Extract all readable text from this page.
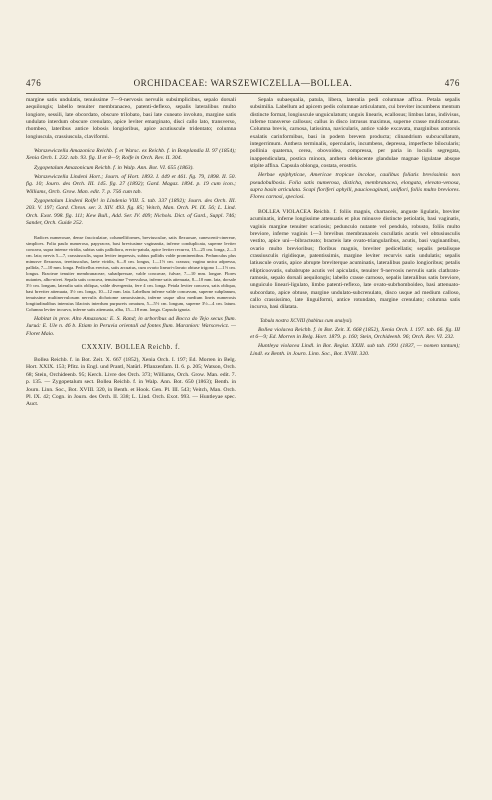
476	ORCHIDACEAE: WARSZEWICZELLA—BOLLEA.	476

margine satis undulatis, tenuissime 7—9-nervosis nervulis subsimplicibus, sepalo dorsali aequilongis; labello tenuiter membranaceo, patenti-deflexo, sepalis lateralibus multo longiore, sessili, late obcordato, obscure trilobato, basi late cuneato involuto, margine satis undulato interdum obscure crenulato, apice leviter emarginato, disci callo lato, transverso, rhombeo, lateribus antice lobosis longioribus, apice acutiuscule tridentato; columna longiuscula, crassiuscula, claviformi.

Warszewiczella Amazonica Reichb. f. et Warsc. ex Reichb. f. in Bonplandia II. 97 (1854); Xenia Orch. I. 232. tab. 93. fig. II et 8—9; Rolfe in Orch. Rev. II. 304.

Zygopetalum Amazonicum Reichb. f. in Walp. Ann. Bot. VI. 655 (1863).

Warszewiczella Lindeni Hort.; Journ. of Hort. 1893. I. 449 et 461. fig. 79, 1898. II. 50. fig. 10; Journ. des Orch. III. 145. fig. 27 (1892); Gard. Magaz. 1894. p. 19 cum icon.; Williams, Orch. Grow. Man. edit. 7. p. 756 cum tab.

Zygopetalum Lindeni Rolfe! in Lindenia VIII. 5. tab. 337 (1892); Journ. des Orch. III. 203. V. 197; Gard. Chron. ser. 3. XIV. 493. fig. 85; Veitch, Man. Orch. Pl. IX. 56; L. Lind. Orch. Exot. 998. fig. 111; Kew Bull., Add. Ser. IV. 409; Nichols. Dict. of Gard., Suppl. 746; Sander, Orch. Guide 252.

Radices numerosae, dense fasciculatae, columelliformes, breviusculae, satis flexuosae, canescenti-cinereae, simplices. Folia paulo numerosa, papyracea, basi breviusime vaginantia, inferne conduplicata, superne leviter concava, supra intense viridia, subtus satis pallidiora, erecto-patula, apice leviter recurva, 15—25 cm. longa, 2—3 cm. lata; nervis 5—7, crassiusculis, supra leviter impressis, subtus pallidis valde prominentibus. Pedunculus plus minusve flexuosus, teretiusculus, laete viridis, 6—8 cm. longus, 1—1½ cm. crassus; vagina unica adpressa, pallida, 7—10 mm. longa. Pedicellus erectus, satis arcuatus, cum ovario lineari-clavato obtuse trigono 1—1½ cm. longus. Bracteae tenuiter membranaceae, subadpressae, valde concavae, fulvae, 7—10 mm. longae. Flores nutantes, albo-nivei. Sepala satis concava, tenuissime 7-nervulosa, inferne satis attenuata, 8—10 mm. lata, dorsale 3½ cm. longum, lateralia satis obliqua, valde divergentia, fere 4 cm. longa. Petala leviter concava, satis obliqua, basi breviter attenuata, 3½ cm. longa, 10—12 mm. lata. Labellum inferne valde concavum, superne subplanum, tenuissime multinervulosum nervulis dichotome ramosissimis, inferne usque ultra medium lineis numerosis longitudinalibus intensius lilacinis interdum purpureis ornatum, 5—5½ cm. longum, superne 3½—4 cm. latum. Columna leviter incurva, inferne satis attenuata, alba, 15—18 mm. longa. Capsula ignota.

Habitat in prov. Alto Amazonas: E. S. Rand; in arboribus ad Bocca do Tejo secus flum. Juruá: E. Ule n. 46 b. Etiam in Peruvia orientali ad fontes flum. Maranion: Warscewicz. — Floret Maio.

CXXXIV. BOLLEA Reichb. f.

Bollea Reichb. f. in Bot. Zeit. X. 667 (1852), Xenia Orch. I. 197; Ed. Morren in Belg. Hort. XXIX. 153; Pfitz. in Engl. und Prantl, Natürl. Pflanzenfam. II. 6. p. 205; Watson, Orch. 68; Stein, Orchideenb. 95; Kerch. Livre des Orch. 373; Williams, Orch. Grow. Man. edit. 7. p. 135. — Zygopetalum sect. Bollea Reichb. f. in Walp. Ann. Bot. 650 (1863); Benth. in Journ. Linn. Soc., Bot. XVIII. 320, in Benth. et Hook. Gen. Pl. III. 543; Veitch, Man. Orch. Pl. IX. 42; Cogn. in Journ. des Orch. II. 338; L. Lind. Orch. Exot. 993. — Huntleyae spec. Auct.

Sepala subaequalia, patula, libera, lateralia pedi columnae affixa. Petala sepalis subsimilia. Labellum ad apicem pedis columnae articulatum, cui breviter incumbens mentum distincte format, longiuscule unguiculatum; unguis linearis, ecallosus; limbus latus, indivisus, inferne transverse callosus; callus in disco intrusus maximus, superne crasse multicostatus. Columna brevis, carnosa, latissima, navicularis, antice valde excavata, marginibus antrorsis exalatis carinformibus, basi in podem brevem producta; clinandrium subcucullatum, integerrimum. Anthera terminalis, opercularis, incumbens, depressa, imperfecte bilocularis; pollinia quaterna, cerea, obovoidea, compressa, per paria in loculis segregata, inappendiculata, postica minora, anthera dehiscente glandulae magnae ligulatae absque stipite affixa. Capsula oblonga, costata, erostris.

Herbae epiphyticae, Americae tropicae incolae, caulibus foliatis brevissimis non pseudobulbosis. Folia satis numerosa, disticha, membranacea, elongata, elevato-venosa, supra basin articulata. Scapi floriferi aphylli, pauciovaginati, uniflori, foliis multo breviores. Flores carnosi, speciosi.

BOLLEA VIOLACEA Reichb. f. foliis magnis, chartaceis, angustе ligulatis, breviter acuminatis, inferne longissime attenuatis et plus minusve distincte petiolatis, basi vaginatis, vaginis margine tenuiter scariosis; pedunculo nutante vel pendulo, robusto, foliis multo breviore, inferne vaginis 1—3 brevibus membranaceis cucullatis acutis vel obtusiusculis vestito, apice uni—bibracteato; bracteis late ovato-triangularibus, acutis, basi vaginantibus, ovario multo brevioribus; floribus magnis, breviter pedicellatis; sepalis petalisque crassiusculis rigidisque, patentissimis, margine leviter recurvis satis undulatis; sepalis latiuscule ovatis, apice abrupte breviterque acuminatis, lateralibus paulo longioribus; petalis ellipticoovatis, subabrupte acutis vel apiculatis, tenuiter 9-nervosis nervulis satis clathrato-ramosis, sepalo dorsali aequilongis; labello crasse carnoso, sepalis lateralibus satis breviore, unguiculo lineari-ligulato, limbo patenti-reflexo, late ovato-subrhomboideo, basi attenuato-subcordato, apice obtuse, margine undulato-subcrenulato, disco usque ad medium calloso, callo crassissimo, late linguiformi, antice rotundato, margine crenulato; columna satis incurva, basi dilatata.

Tabula nostra XCVIII (habitus cum analysi).

Bollea violacea Reichb. f. in Bot. Zeit. X. 668 (1852), Xenia Orch. I. 197. tab. 66. fig. III et 6—9; Ed. Morren in Belg. Hort. 1879. p. 160; Stein, Orchideenb. 96; Orch. Rev. VI. 232.

Huntleya violacea Lindl. in Bot. Regist. XXIII. sub tab. 1991 (1837, — nomen tantum); Lindl. ex Benth. in Journ. Linn. Soc., Bot. XVIII. 320.
